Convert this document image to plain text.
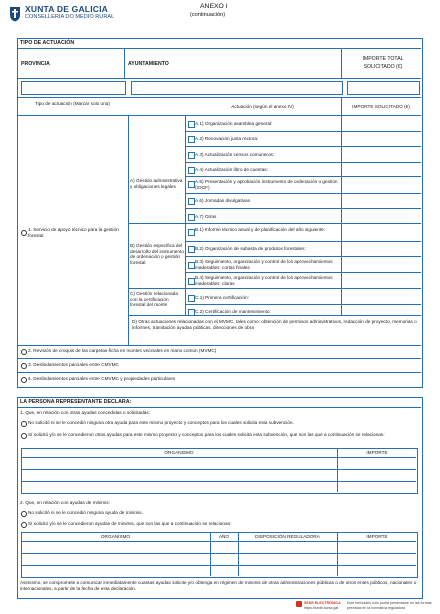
XUNTA DE GALICIA
CONSELLERÍA DO MEDIO RURAL
ANEXO I
(continuación)
TIPO DE ACTUACIÓN
PROVINCIA	AYUNTAMIENTO
IMPORTE TOTAL SOLICITADO (€)
Tipo de actuación (Marcar solo una)
Actuación (según el anexo IV)	IMPORTE SOLICITADO (€)
1. Servicio de apoyo técnico para la gestión forestal
A) Gestión administrativa y obligaciones legales
A.1) Organización asamblea general:
A.2) Renovación junta rectora:
A.3) Actualización censos comuneros:
A.4) Actualización libro de cuentas:
A.5) Presentación y aprobación instrumento de ordenación o gestión (IOGF)
A.6) Jornadas divulgativas
A.7) Otras
B) Gestión específica del desarrollo del instrumento de ordenación o gestión forestal
B.1) Informe técnico anual y de planificación del año siguiente:
B.2) Organización de subasta de produtos forestales:
B.3) Seguimiento, organización y control de los aprovechamientos maderables: cortas finales
B.4) Seguimiento, organización y control de los aprovechamientos maderables: claras
C) Gestión relacionada con la certificación forestal del monte
C.1) Primera certificación:
C.2) Certificación de mantenimiento:
D) Otras actuaciones relacionadas con el MVMC, tales como: obtención de permisos administrativos, redacción de proyecto, memorias o informes, tramitación ayudas públicas, direcciones de obra
2. Revisión de croquis de las carpetas-ficha en montes vecinales en mano común (MVMC)
3. Deslindamientos parciales entre CMVMC
4. Deslindamientos parciales entre CMVMC y propiedades particulares
LA PERSONA REPRESENTANTE DECLARA:
1. Que, en relación con otras ayudas concedidas o solicitadas:
No solicitó ni se le concedió ninguna otra ayuda para este mismo proyecto y conceptos para los cuales solicita esta subvención.
Sí solicitó y/o se le concedieron otras ayudas para este mismo proyecto y conceptos para los cuales solicita esta subvención, que son las que a continuación se relacionan:
ORGANISMO	IMPORTE
2. Que, en relación con ayudas de minimis:
No solicitó ni se le concedió ninguna ayuda de minimis.
Sí solicitó y/o se le concedieron ayudas de minimis, que son las que a continuación se relacionan:
ORGANISMO	AÑO	DISPOSICIÓN REGULADORA	IMPORTE
Asimismo, se compromete a comunicar inmediatamente cuantas ayudas solicite y/o obtenga en régimen de minimis de otras administraciones públicas o de otros entes públicos, nacionales o internacionales, a partir de la fecha de esta declaración.
SEDE ELECTRÓNICA
https://sede.xunta.gal
Este formulario sólo podrá presentarse en las formas previstas en la normativa reguladora
